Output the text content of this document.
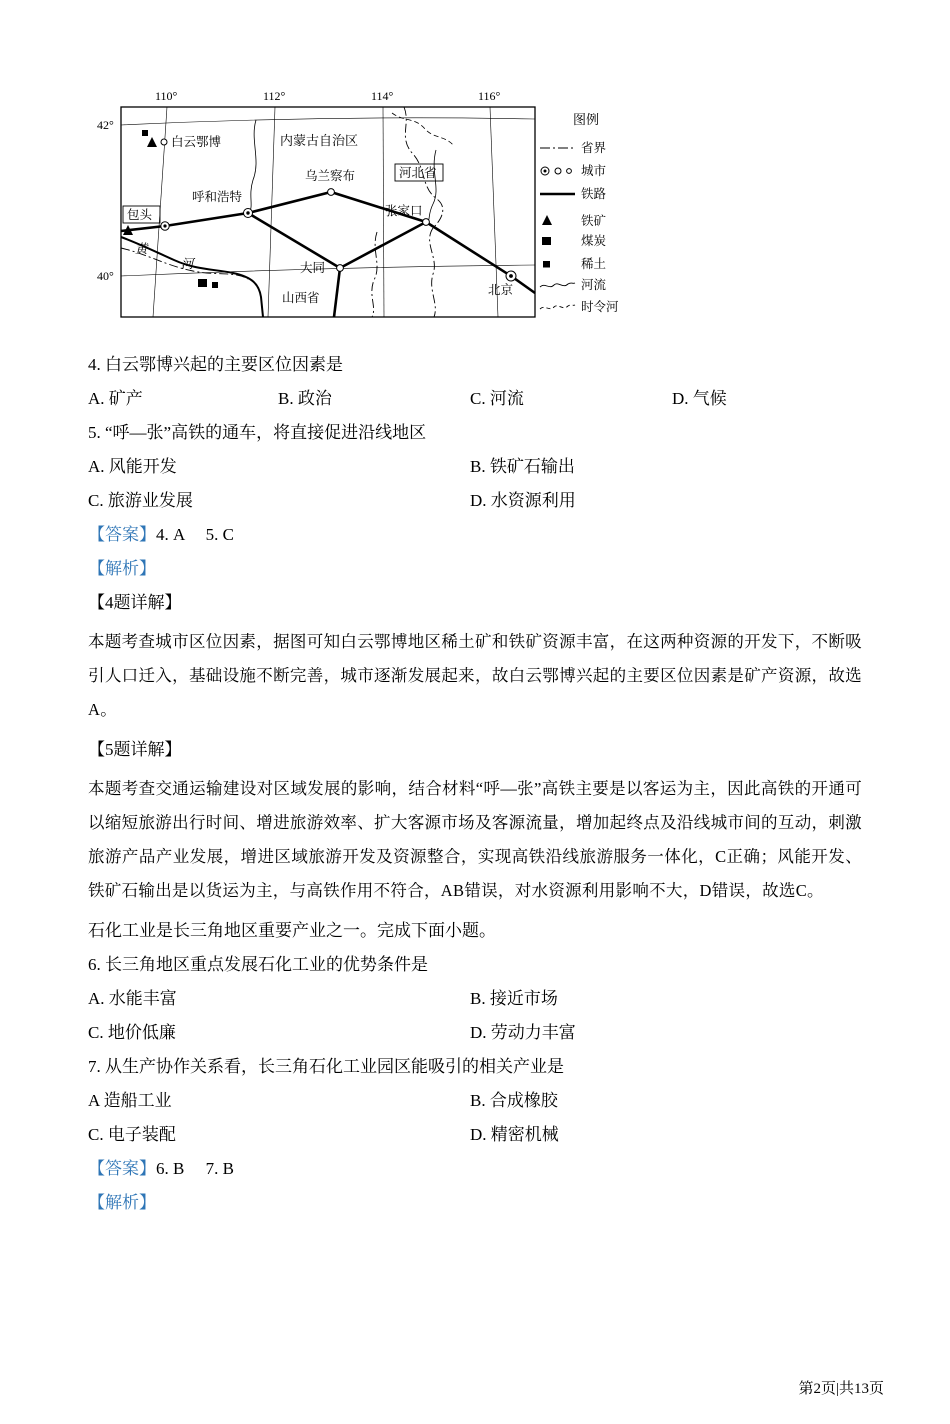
110°	112°	114°	116°
42°
40°
白云鄂博	内蒙古自治区
乌兰察布	河北省
呼和浩特
张家口
包头
黄
河	大同
山西省
北京
图例
省界
城市
铁路
铁矿
煤炭
稀土
河流
时令河
4. 白云鄂博兴起的主要区位因素是
A. 矿产	B. 政治	C. 河流	D. 气候
5. “呼—张”高铁的通车，将直接促进沿线地区
A. 风能开发	B. 铁矿石输出
C. 旅游业发展	D. 水资源利用
【答案】4. A　 5. C
【解析】
【4题详解】

本题考查城市区位因素，据图可知白云鄂博地区稀土矿和铁矿资源丰富，在这两种资源的开发下，不断吸引人口迁入，基础设施不断完善，城市逐渐发展起来，故白云鄂博兴起的主要区位因素是矿产资源，故选A。

【5题详解】

本题考查交通运输建设对区域发展的影响，结合材料“呼—张”高铁主要是以客运为主，因此高铁的开通可以缩短旅游出行时间、增进旅游效率、扩大客源市场及客源流量，增加起终点及沿线城市间的互动，刺激旅游产品产业发展，增进区域旅游开发及资源整合，实现高铁沿线旅游服务一体化，C正确；风能开发、铁矿石输出是以货运为主，与高铁作用不符合，AB错误，对水资源利用影响不大，D错误，故选C。

石化工业是长三角地区重要产业之一。完成下面小题。
6. 长三角地区重点发展石化工业的优势条件是
A. 水能丰富	B. 接近市场
C. 地价低廉	D. 劳动力丰富
7. 从生产协作关系看，长三角石化工业园区能吸引的相关产业是
A 造船工业	B. 合成橡胶
C. 电子装配	D. 精密机械
【答案】6. B　 7. B
【解析】
第2页|共13页
